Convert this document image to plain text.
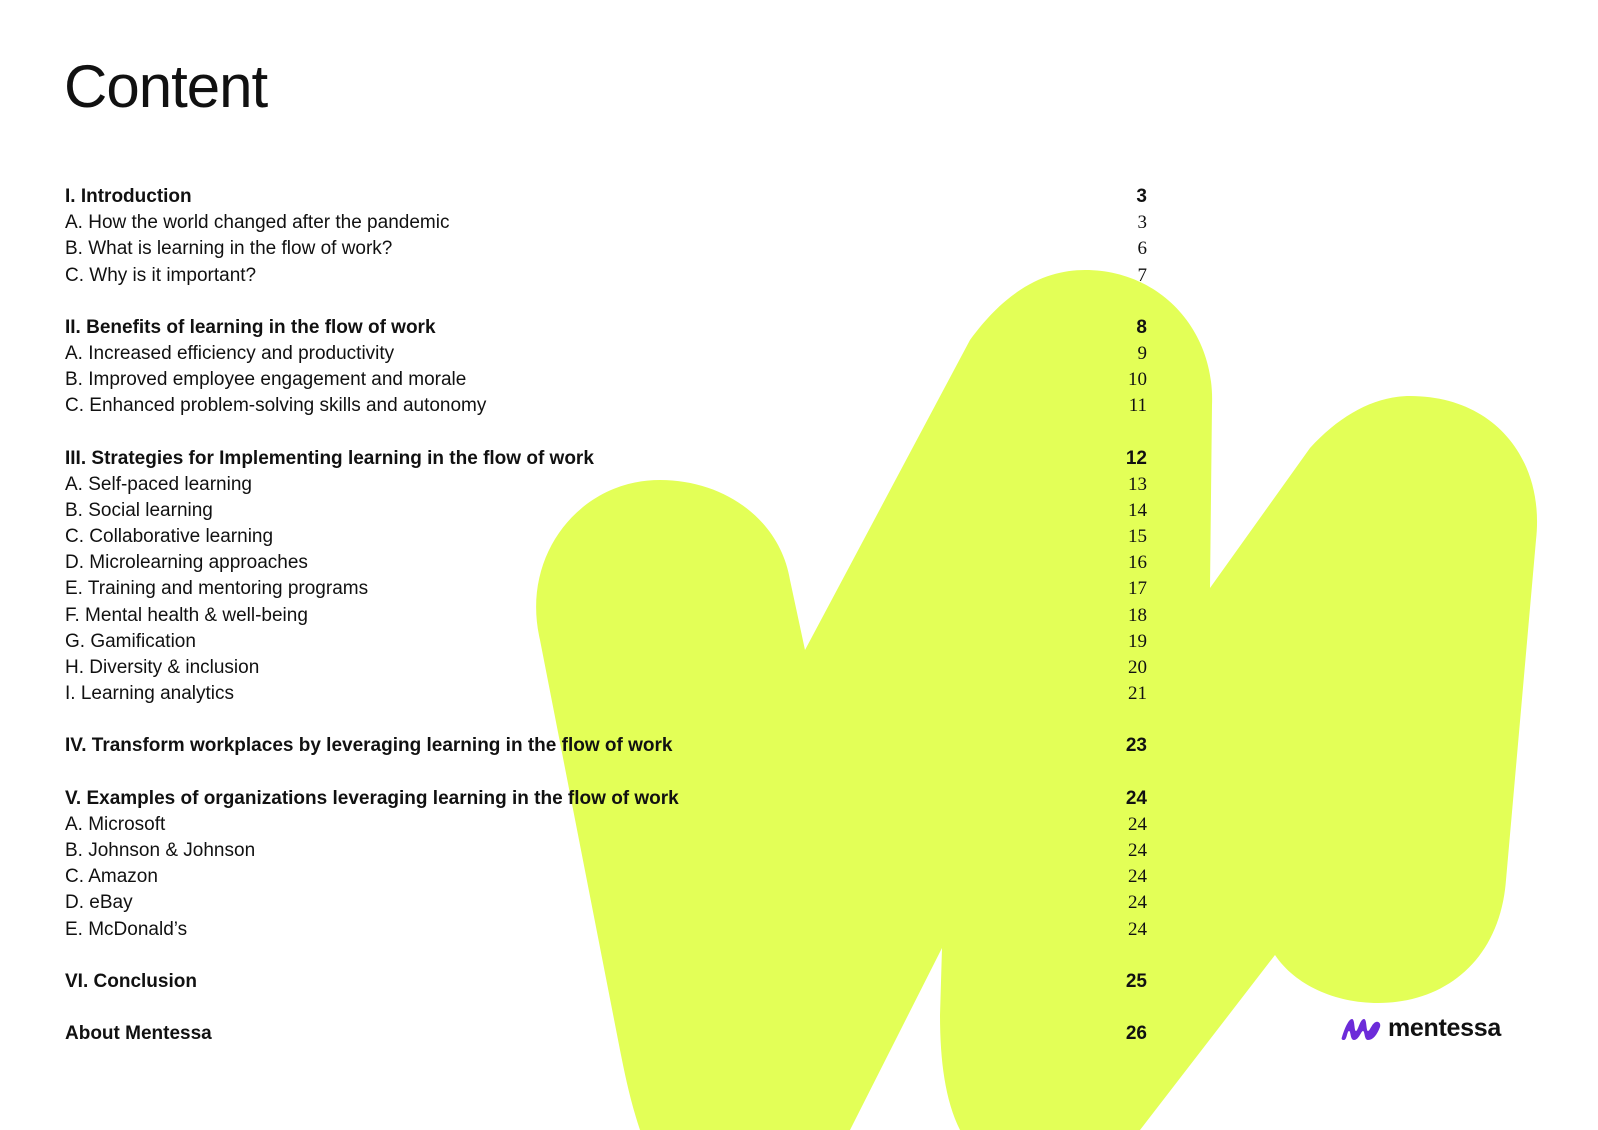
Content
I. Introduction	3
A. How the world changed after the pandemic	3
B. What is learning in the flow of work?	6
C. Why is it important?	7
II. Benefits of learning in the flow of work	8
A. Increased efficiency and productivity	9
B. Improved employee engagement and morale	10
C. Enhanced problem-solving skills and autonomy	11
III. Strategies for Implementing learning in the flow of work	12
A. Self-paced learning	13
B. Social learning	14
C. Collaborative learning	15
D. Microlearning approaches	16
E. Training and mentoring programs	17
F. Mental health & well-being	18
G. Gamification	19
H. Diversity & inclusion	20
I. Learning analytics	21
IV. Transform workplaces by leveraging learning in the flow of work	23
V. Examples of organizations leveraging learning in the flow of work	24
A. Microsoft	24
B. Johnson & Johnson	24
C. Amazon	24
D. eBay	24
E. McDonald’s	24
VI. Conclusion	25
About Mentessa	26	mentessa
